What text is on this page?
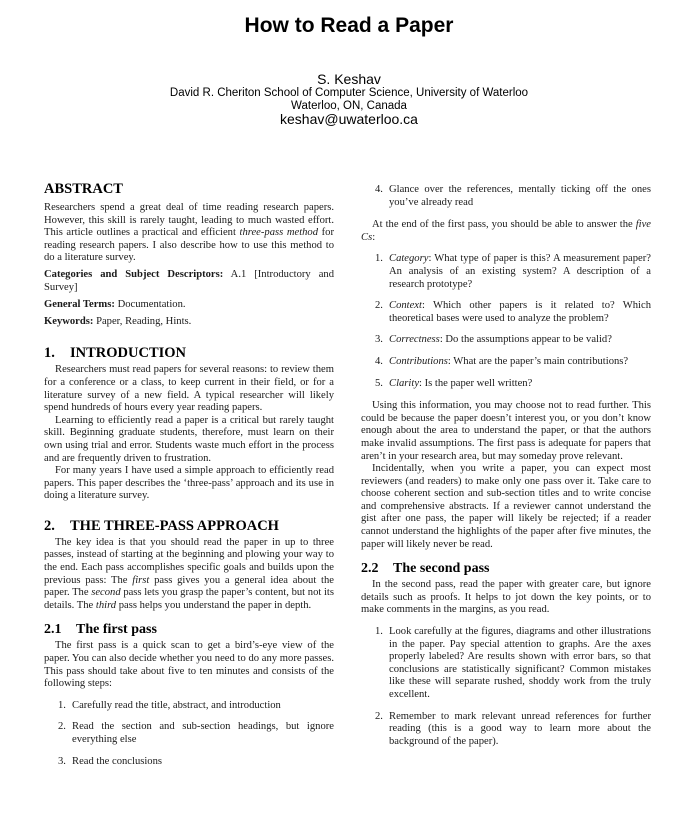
How to Read a Paper
S. Keshav
David R. Cheriton School of Computer Science, University of Waterloo
Waterloo, ON, Canada
keshav@uwaterloo.ca
ABSTRACT

Researchers spend a great deal of time reading research papers. However, this skill is rarely taught, leading to much wasted effort. This article outlines a practical and efficient three-pass method for reading research papers. I also describe how to use this method to do a literature survey.

Categories and Subject Descriptors: A.1 [Introductory and Survey]

General Terms: Documentation.

Keywords: Paper, Reading, Hints.

1. INTRODUCTION

Researchers must read papers for several reasons: to review them for a conference or a class, to keep current in their field, or for a literature survey of a new field. A typical researcher will likely spend hundreds of hours every year reading papers.

Learning to efficiently read a paper is a critical but rarely taught skill. Beginning graduate students, therefore, must learn on their own using trial and error. Students waste much effort in the process and are frequently driven to frustration.

For many years I have used a simple approach to efficiently read papers. This paper describes the ‘three-pass’ approach and its use in doing a literature survey.

2. THE THREE-PASS APPROACH

The key idea is that you should read the paper in up to three passes, instead of starting at the beginning and plowing your way to the end. Each pass accomplishes specific goals and builds upon the previous pass: The first pass gives you a general idea about the paper. The second pass lets you grasp the paper’s content, but not its details. The third pass helps you understand the paper in depth.

2.1 The first pass

The first pass is a quick scan to get a bird’s-eye view of the paper. You can also decide whether you need to do any more passes. This pass should take about five to ten minutes and consists of the following steps:

1. Carefully read the title, abstract, and introduction
2. Read the section and sub-section headings, but ignore everything else
3. Read the conclusions
4. Glance over the references, mentally ticking off the ones you’ve already read

At the end of the first pass, you should be able to answer the five Cs:

1. Category: What type of paper is this? A measurement paper? An analysis of an existing system? A description of a research prototype?
2. Context: Which other papers is it related to? Which theoretical bases were used to analyze the problem?
3. Correctness: Do the assumptions appear to be valid?
4. Contributions: What are the paper’s main contributions?
5. Clarity: Is the paper well written?

Using this information, you may choose not to read further. This could be because the paper doesn’t interest you, or you don’t know enough about the area to understand the paper, or that the authors make invalid assumptions. The first pass is adequate for papers that aren’t in your research area, but may someday prove relevant.

Incidentally, when you write a paper, you can expect most reviewers (and readers) to make only one pass over it. Take care to choose coherent section and sub-section titles and to write concise and comprehensive abstracts. If a reviewer cannot understand the gist after one pass, the paper will likely be rejected; if a reader cannot understand the highlights of the paper after five minutes, the paper will likely never be read.

2.2 The second pass

In the second pass, read the paper with greater care, but ignore details such as proofs. It helps to jot down the key points, or to make comments in the margins, as you read.

1. Look carefully at the figures, diagrams and other illustrations in the paper. Pay special attention to graphs. Are the axes properly labeled? Are results shown with error bars, so that conclusions are statistically significant? Common mistakes like these will separate rushed, shoddy work from the truly excellent.
2. Remember to mark relevant unread references for further reading (this is a good way to learn more about the background of the paper).
